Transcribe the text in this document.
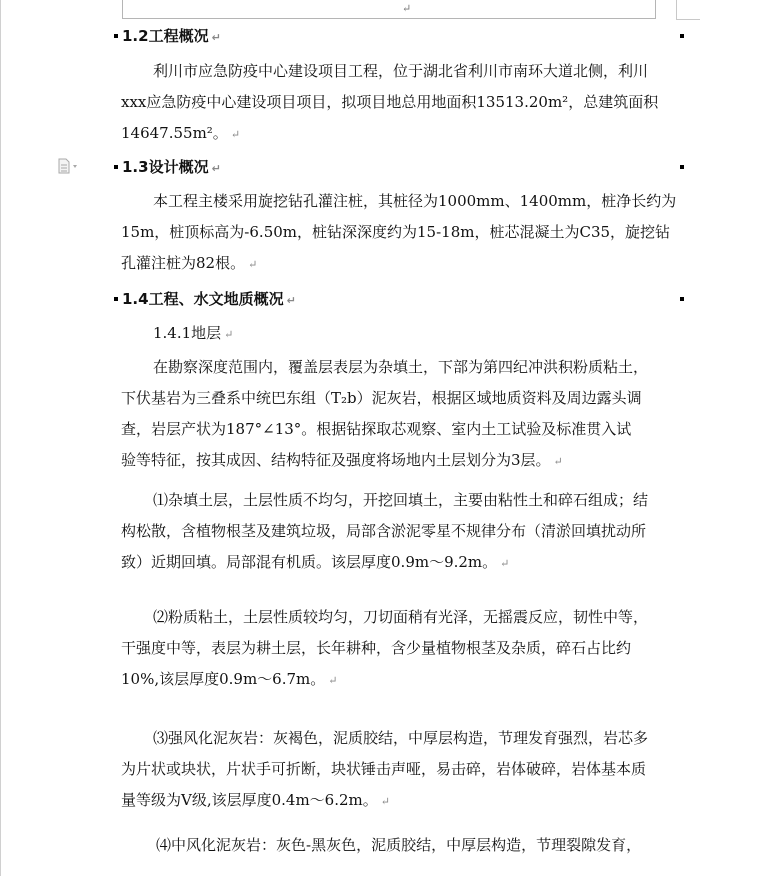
↵
1.2工程概况 ↵
利川市应急防疫中心建设项目工程，位于湖北省利川市南环大道北侧，利川
xxx应急防疫中心建设项目项目，拟项目地总用地面积13513.20m²，总建筑面积
14647.55m²。 ↵
1.3设计概况 ↵
本工程主楼采用旋挖钻孔灌注桩，其桩径为1000mm、1400mm，桩净长约为
15m，桩顶标高为-6.50m，桩钻深深度约为15-18m，桩芯混凝土为C35，旋挖钻
孔灌注桩为82根。 ↵
1.4工程、水文地质概况 ↵
1.4.1地层 ↵
在勘察深度范围内，覆盖层表层为杂填土，下部为第四纪冲洪积粉质粘土，
下伏基岩为三叠系中统巴东组（T₂b）泥灰岩，根据区域地质资料及周边露头调
查，岩层产状为187°∠13°。根据钻探取芯观察、室内土工试验及标准贯入试
验等特征，按其成因、结构特征及强度将场地内土层划分为3层。 ↵
⑴杂填土层，土层性质不均匀，开挖回填土，主要由粘性土和碎石组成；结
构松散，含植物根茎及建筑垃圾，局部含淤泥零星不规律分布（清淤回填扰动所
致）近期回填。局部混有机质。该层厚度0.9m～9.2m。 ↵
⑵粉质粘土，土层性质较均匀，刀切面稍有光泽，无摇震反应，韧性中等，
干强度中等，表层为耕土层，长年耕种，含少量植物根茎及杂质，碎石占比约
10%,该层厚度0.9m～6.7m。 ↵
⑶强风化泥灰岩：灰褐色，泥质胶结，中厚层构造，节理发育强烈，岩芯多
为片状或块状，片状手可折断，块状锤击声哑，易击碎，岩体破碎，岩体基本质
量等级为Ⅴ级,该层厚度0.4m～6.2m。 ↵
⑷中风化泥灰岩：灰色-黑灰色，泥质胶结，中厚层构造，节理裂隙发育，
